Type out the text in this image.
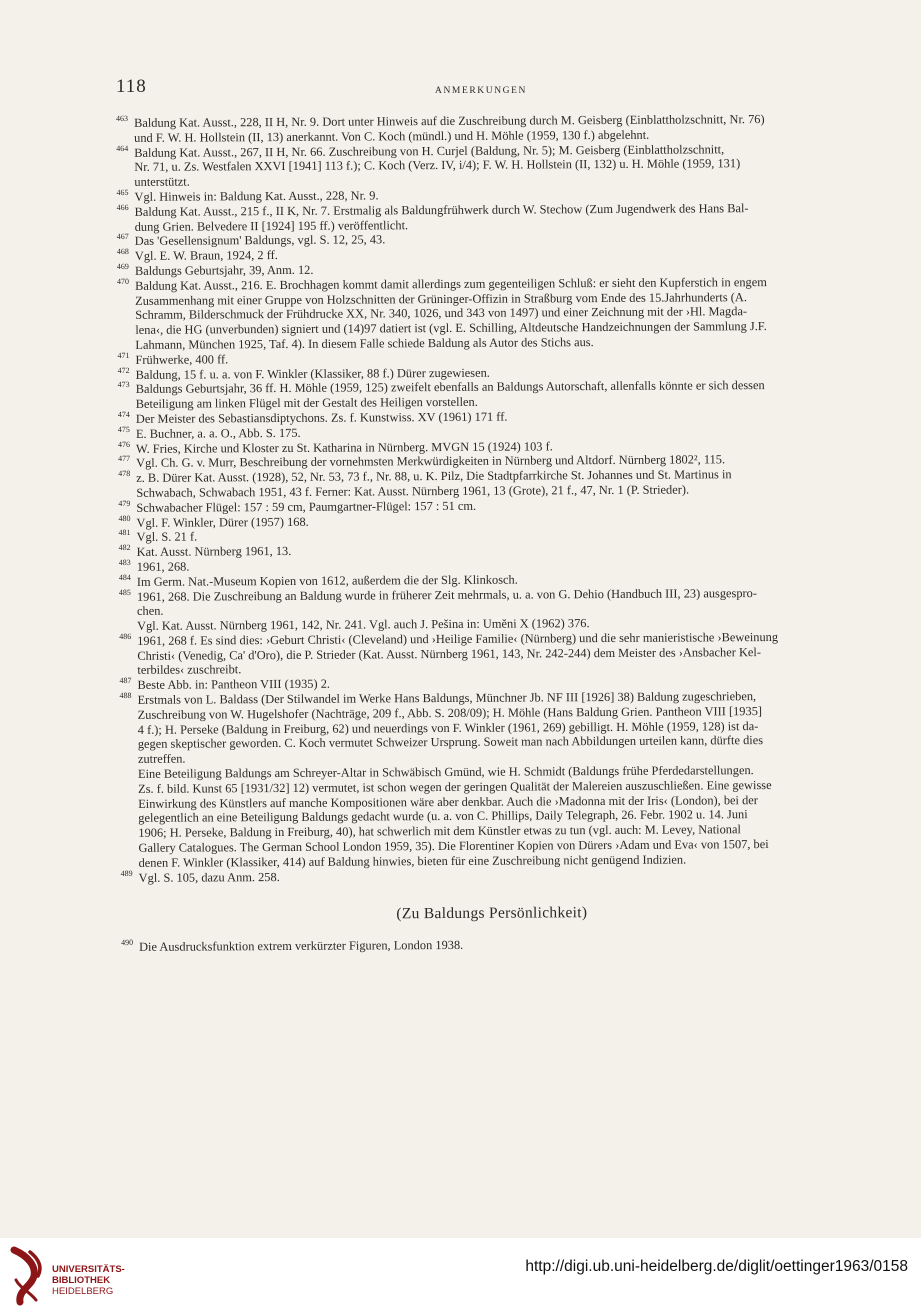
118	ANMERKUNGEN
463 Baldung Kat. Ausst., 228, II H, Nr. 9. Dort unter Hinweis auf die Zuschreibung durch M. Geisberg (Einblattholzschnitt, Nr. 76)
und F. W. H. Hollstein (II, 13) anerkannt. Von C. Koch (mündl.) und H. Möhle (1959, 130 f.) abgelehnt.
464 Baldung Kat. Ausst., 267, II H, Nr. 66. Zuschreibung von H. Curjel (Baldung, Nr. 5); M. Geisberg (Einblattholzschnitt,
Nr. 71, u. Zs. Westfalen XXVI [1941] 113 f.); C. Koch (Verz. IV, i/4); F. W. H. Hollstein (II, 132) u. H. Möhle (1959, 131)
unterstützt.
465 Vgl. Hinweis in: Baldung Kat. Ausst., 228, Nr. 9.
466 Baldung Kat. Ausst., 215 f., II K, Nr. 7. Erstmalig als Baldungfrühwerk durch W. Stechow (Zum Jugendwerk des Hans Bal-
dung Grien. Belvedere II [1924] 195 ff.) veröffentlicht.
467 Das 'Gesellensignum' Baldungs, vgl. S. 12, 25, 43.
468 Vgl. E. W. Braun, 1924, 2 ff.
469 Baldungs Geburtsjahr, 39, Anm. 12.
470 Baldung Kat. Ausst., 216. E. Brochhagen kommt damit allerdings zum gegenteiligen Schluß: er sieht den Kupferstich in engem
Zusammenhang mit einer Gruppe von Holzschnitten der Grüninger-Offizin in Straßburg vom Ende des 15.Jahrhunderts (A.
Schramm, Bilderschmuck der Frühdrucke XX, Nr. 340, 1026, und 343 von 1497) und einer Zeichnung mit der ›Hl. Magda-
lena‹, die HG (unverbunden) signiert und (14)97 datiert ist (vgl. E. Schilling, Altdeutsche Handzeichnungen der Sammlung J.F.
Lahmann, München 1925, Taf. 4). In diesem Falle schiede Baldung als Autor des Stichs aus.
471 Frühwerke, 400 ff.
472 Baldung, 15 f. u. a. von F. Winkler (Klassiker, 88 f.) Dürer zugewiesen.
473 Baldungs Geburtsjahr, 36 ff. H. Möhle (1959, 125) zweifelt ebenfalls an Baldungs Autorschaft, allenfalls könnte er sich dessen
Beteiligung am linken Flügel mit der Gestalt des Heiligen vorstellen.
474 Der Meister des Sebastiansdiptychons. Zs. f. Kunstwiss. XV (1961) 171 ff.
475 E. Buchner, a. a. O., Abb. S. 175.
476 W. Fries, Kirche und Kloster zu St. Katharina in Nürnberg. MVGN 15 (1924) 103 f.
477 Vgl. Ch. G. v. Murr, Beschreibung der vornehmsten Merkwürdigkeiten in Nürnberg und Altdorf. Nürnberg 1802², 115.
478 z. B. Dürer Kat. Ausst. (1928), 52, Nr. 53, 73 f., Nr. 88, u. K. Pilz, Die Stadtpfarrkirche St. Johannes und St. Martinus in
Schwabach, Schwabach 1951, 43 f. Ferner: Kat. Ausst. Nürnberg 1961, 13 (Grote), 21 f., 47, Nr. 1 (P. Strieder).
479 Schwabacher Flügel: 157 : 59 cm, Paumgartner-Flügel: 157 : 51 cm.
480 Vgl. F. Winkler, Dürer (1957) 168.
481 Vgl. S. 21 f.
482 Kat. Ausst. Nürnberg 1961, 13.
483 1961, 268.
484 Im Germ. Nat.-Museum Kopien von 1612, außerdem die der Slg. Klinkosch.
485 1961, 268. Die Zuschreibung an Baldung wurde in früherer Zeit mehrmals, u. a. von G. Dehio (Handbuch III, 23) ausgespro-
chen.
Vgl. Kat. Ausst. Nürnberg 1961, 142, Nr. 241. Vgl. auch J. Pešina in: Umĕni X (1962) 376.
486 1961, 268 f. Es sind dies: ›Geburt Christi‹ (Cleveland) und ›Heilige Familie‹ (Nürnberg) und die sehr manieristische ›Beweinung
Christi‹ (Venedig, Ca' d'Oro), die P. Strieder (Kat. Ausst. Nürnberg 1961, 143, Nr. 242-244) dem Meister des ›Ansbacher Kel-
terbildes‹ zuschreibt.
487 Beste Abb. in: Pantheon VIII (1935) 2.
488 Erstmals von L. Baldass (Der Stilwandel im Werke Hans Baldungs, Münchner Jb. NF III [1926] 38) Baldung zugeschrieben,
Zuschreibung von W. Hugelshofer (Nachträge, 209 f., Abb. S. 208/09); H. Möhle (Hans Baldung Grien. Pantheon VIII [1935]
4 f.); H. Perseke (Baldung in Freiburg, 62) und neuerdings von F. Winkler (1961, 269) gebilligt. H. Möhle (1959, 128) ist da-
gegen skeptischer geworden. C. Koch vermutet Schweizer Ursprung. Soweit man nach Abbildungen urteilen kann, dürfte dies
zutreffen.
Eine Beteiligung Baldungs am Schreyer-Altar in Schwäbisch Gmünd, wie H. Schmidt (Baldungs frühe Pferdedarstellungen.
Zs. f. bild. Kunst 65 [1931/32] 12) vermutet, ist schon wegen der geringen Qualität der Malereien auszuschließen. Eine gewisse
Einwirkung des Künstlers auf manche Kompositionen wäre aber denkbar. Auch die ›Madonna mit der Iris‹ (London), bei der
gelegentlich an eine Beteiligung Baldungs gedacht wurde (u. a. von C. Phillips, Daily Telegraph, 26. Febr. 1902 u. 14. Juni
1906; H. Perseke, Baldung in Freiburg, 40), hat schwerlich mit dem Künstler etwas zu tun (vgl. auch: M. Levey, National
Gallery Catalogues. The German School London 1959, 35). Die Florentiner Kopien von Dürers ›Adam und Eva‹ von 1507, bei
denen F. Winkler (Klassiker, 414) auf Baldung hinwies, bieten für eine Zuschreibung nicht genügend Indizien.
489 Vgl. S. 105, dazu Anm. 258.
(Zu Baldungs Persönlichkeit)
490 Die Ausdrucksfunktion extrem verkürzter Figuren, London 1938.
UNIVERSITÄTS-
BIBLIOTHEK
HEIDELBERG
http://digi.ub.uni-heidelberg.de/diglit/oettinger1963/0158
